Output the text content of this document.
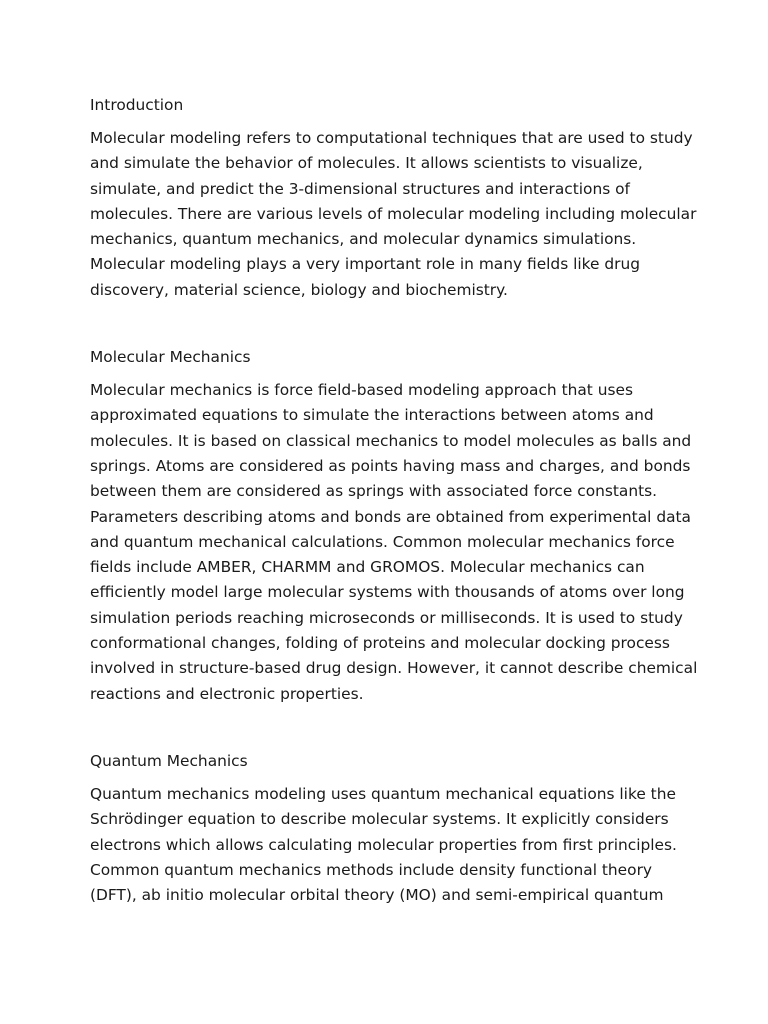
Introduction

Molecular modeling refers to computational techniques that are used to study
and simulate the behavior of molecules. It allows scientists to visualize,
simulate, and predict the 3-dimensional structures and interactions of
molecules. There are various levels of molecular modeling including molecular
mechanics, quantum mechanics, and molecular dynamics simulations.
Molecular modeling plays a very important role in many fields like drug
discovery, material science, biology and biochemistry.

Molecular Mechanics

Molecular mechanics is force field-based modeling approach that uses
approximated equations to simulate the interactions between atoms and
molecules. It is based on classical mechanics to model molecules as balls and
springs. Atoms are considered as points having mass and charges, and bonds
between them are considered as springs with associated force constants.
Parameters describing atoms and bonds are obtained from experimental data
and quantum mechanical calculations. Common molecular mechanics force
fields include AMBER, CHARMM and GROMOS. Molecular mechanics can
efficiently model large molecular systems with thousands of atoms over long
simulation periods reaching microseconds or milliseconds. It is used to study
conformational changes, folding of proteins and molecular docking process
involved in structure-based drug design. However, it cannot describe chemical
reactions and electronic properties.

Quantum Mechanics

Quantum mechanics modeling uses quantum mechanical equations like the
Schrödinger equation to describe molecular systems. It explicitly considers
electrons which allows calculating molecular properties from first principles.
Common quantum mechanics methods include density functional theory
(DFT), ab initio molecular orbital theory (MO) and semi-empirical quantum
